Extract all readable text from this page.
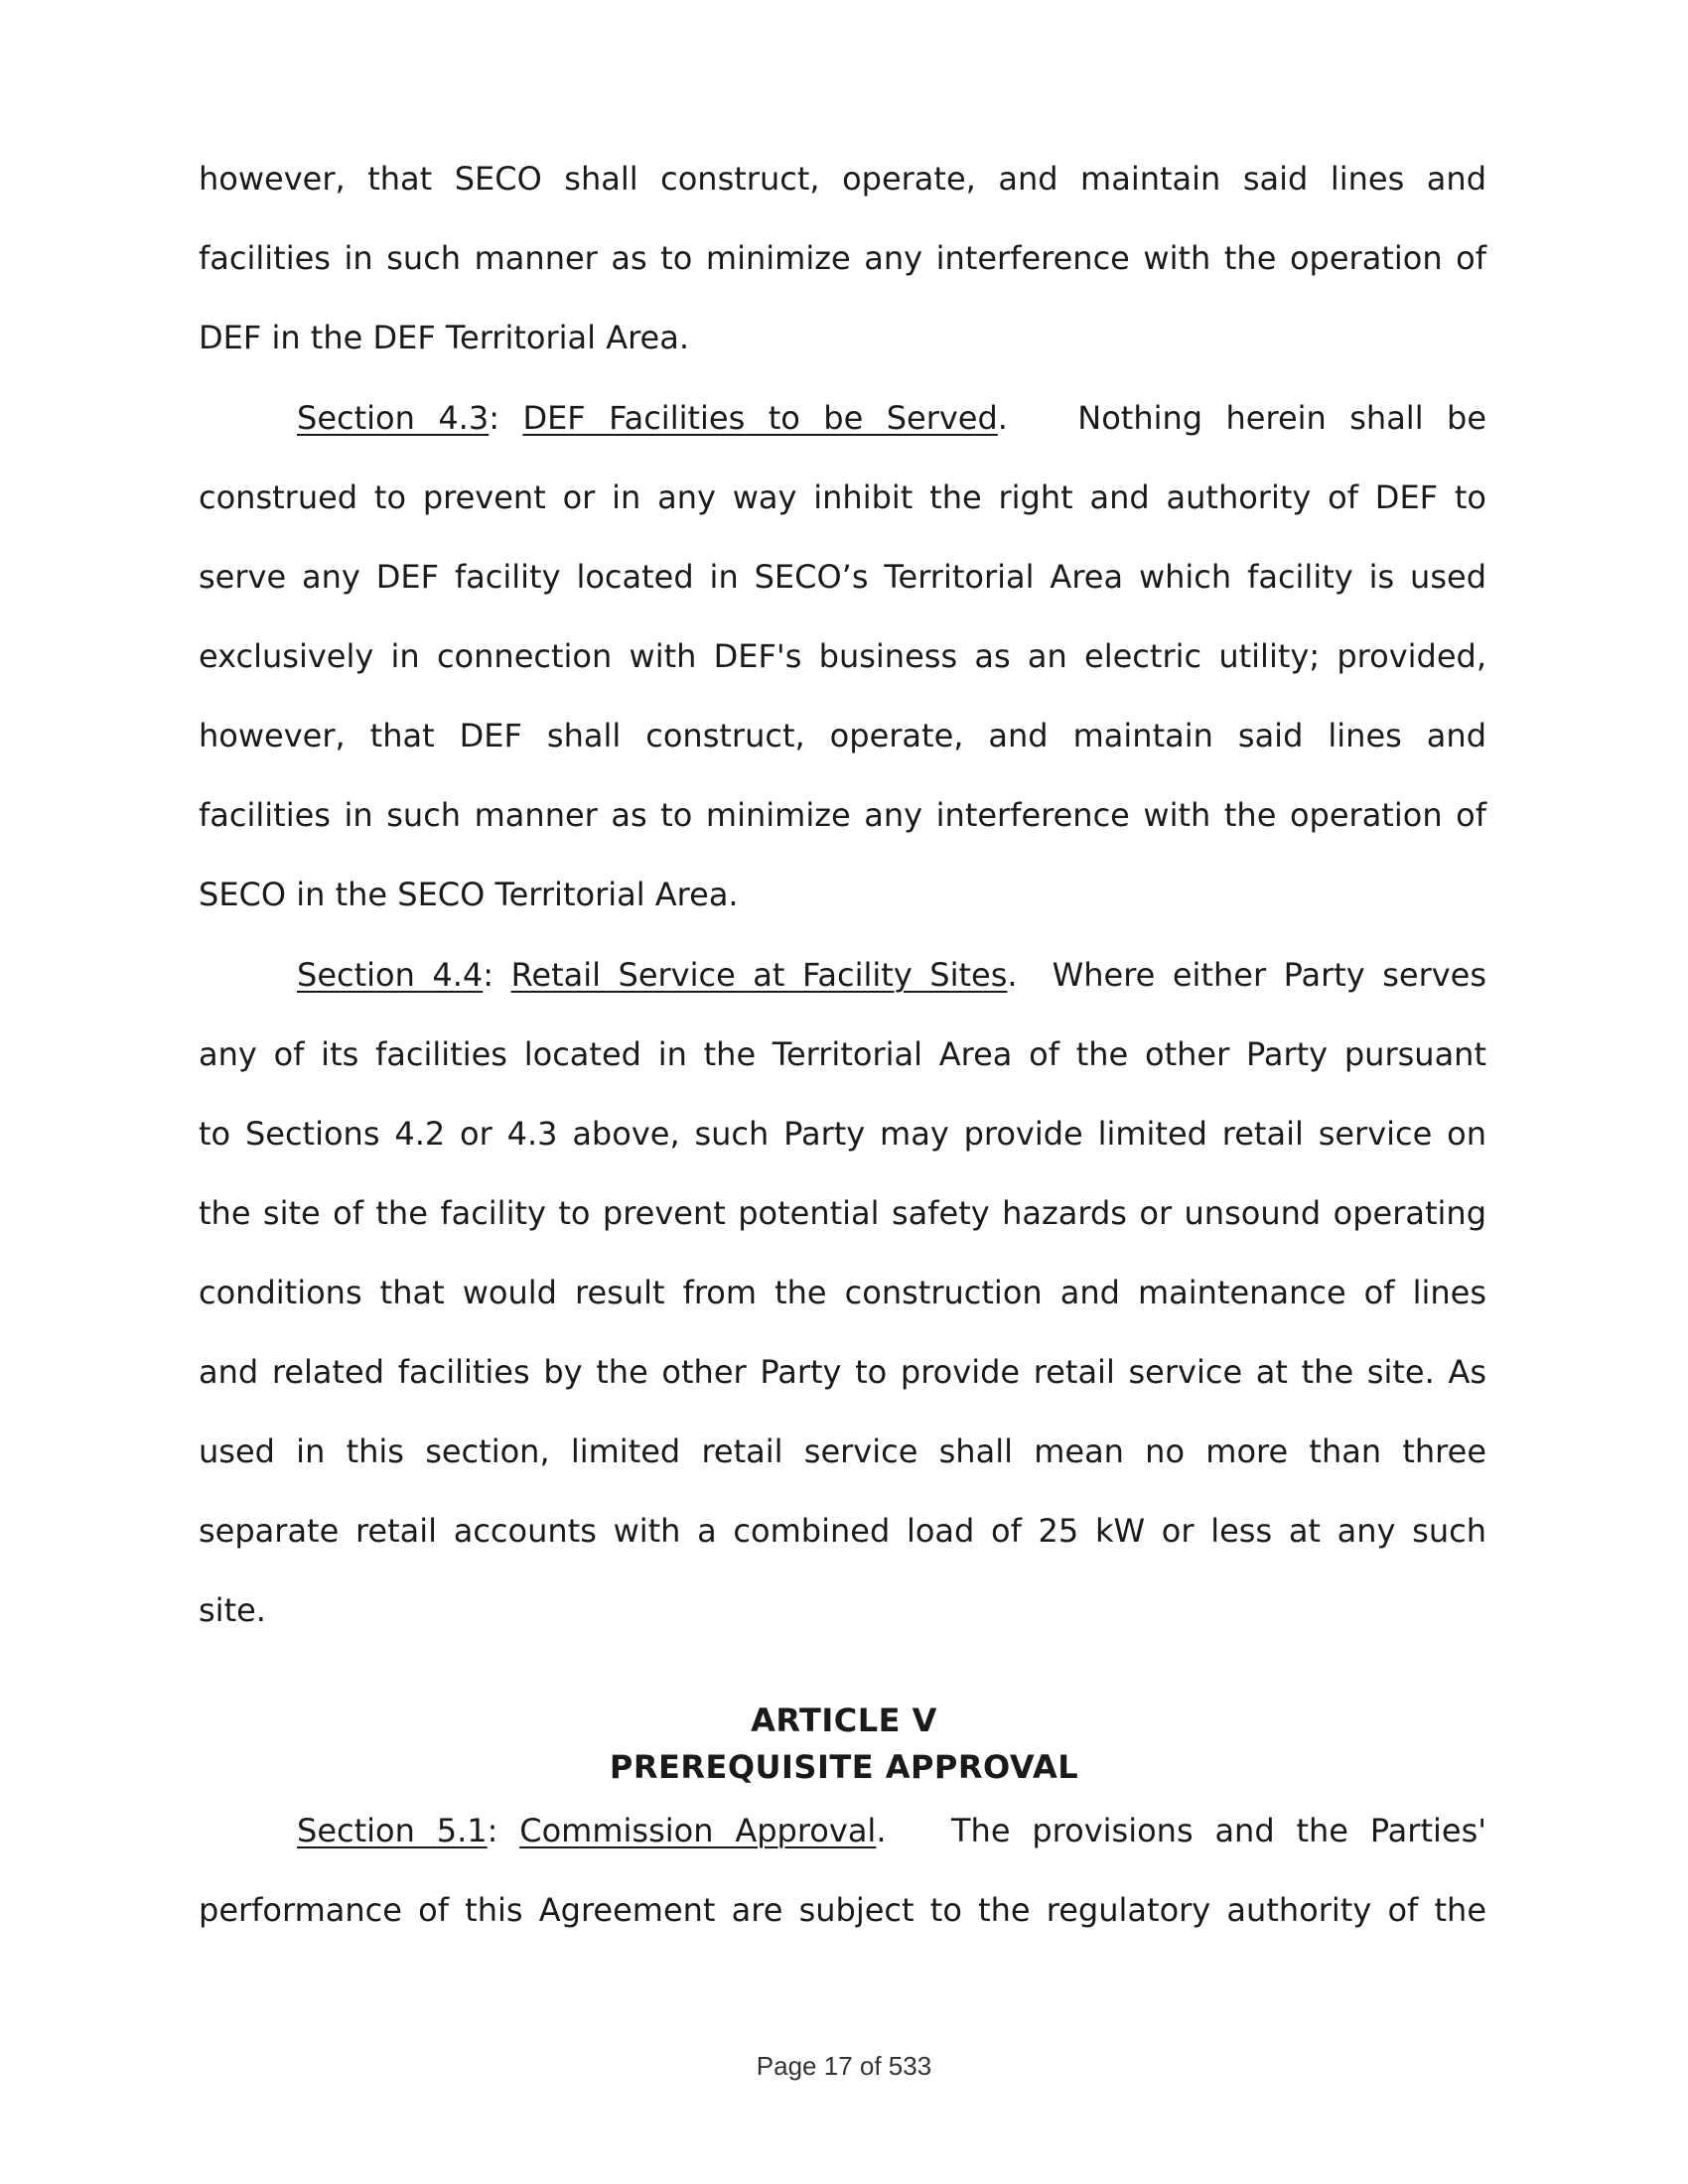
however, that SECO shall construct, operate, and maintain said lines and
facilities in such manner as to minimize any interference with the operation of
DEF in the DEF Territorial Area.
Section 4.3: DEF Facilities to be Served.   Nothing herein shall be
construed to prevent or in any way inhibit the right and authority of DEF to
serve any DEF facility located in SECO’s Territorial Area which facility is used
exclusively in connection with DEF's business as an electric utility; provided,
however, that DEF shall construct, operate, and maintain said lines and
facilities in such manner as to minimize any interference with the operation of
SECO in the SECO Territorial Area.
Section 4.4: Retail Service at Facility Sites.  Where either Party serves
any of its facilities located in the Territorial Area of the other Party pursuant
to Sections 4.2 or 4.3 above, such Party may provide limited retail service on
the site of the facility to prevent potential safety hazards or unsound operating
conditions that would result from the construction and maintenance of lines
and related facilities by the other Party to provide retail service at the site. As
used in this section, limited retail service shall mean no more than three
separate retail accounts with a combined load of 25 kW or less at any such
site.
ARTICLE V
PREREQUISITE APPROVAL
Section 5.1: Commission Approval.   The provisions and the Parties'
performance of this Agreement are subject to the regulatory authority of the
Page 17 of 533
